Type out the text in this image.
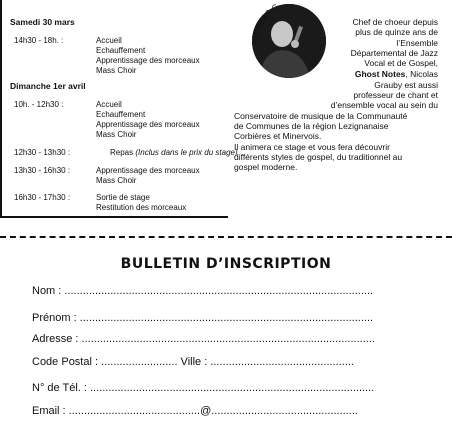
Samedi 30 mars
14h30 - 18h. :	Accueil
Echauffement
Apprentissage des morceaux
Mass Choir
Dimanche 1er avril
10h. - 12h30 :	Accueil
Echauffement
Apprentissage des morceaux
Mass Choir
12h30 - 13h30 :	Repas (Inclus dans le prix du stage)
13h30 - 16h30 :	Apprentissage des morceaux
Mass Choir
16h30 - 17h30 :	Sortie de stage
Restitution des morceaux
NICOLAS G
Chef de choeur depuis
plus de quinze ans de
l’Ensemble
Départemental de Jazz
Vocal et de Gospel,
Ghost Notes, Nicolas
Grauby est aussi
professeur de chant et
d’ensemble vocal au sein du
Conservatoire de musique de la Communauté
de Communes de la région Lezignanaise
Corbières et Minervois.
Il animera ce stage et vous fera découvrir
différents styles de gospel, du traditionnel au
gospel moderne.
BULLETIN D’INSCRIPTION
Nom : .....................................................................................................
Prénom : ................................................................................................
Adresse : ................................................................................................
Code Postal : ......................... Ville : ...............................................
N° de Tél. : .............................................................................................
Email : ...........................................@................................................
